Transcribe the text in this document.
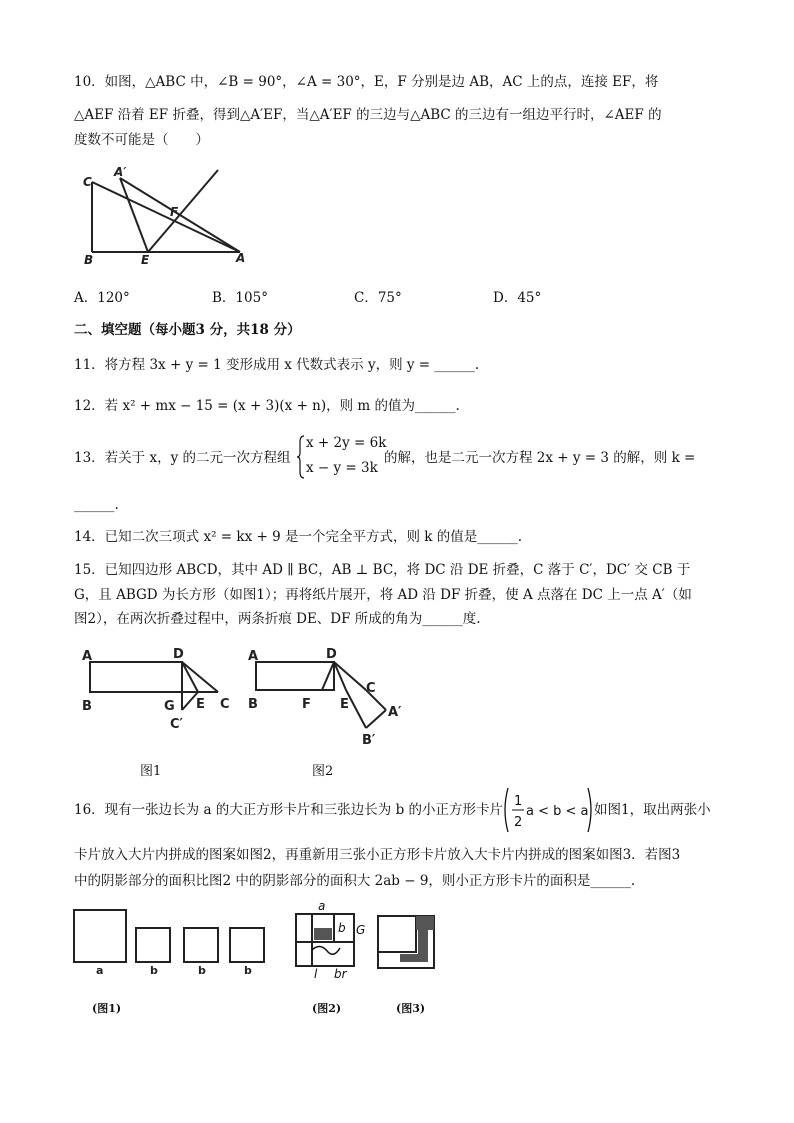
10．如图，△ABC 中，∠B = 90°，∠A = 30°，E，F 分别是边 AB，AC 上的点，连接 EF，将
△AEF 沿着 EF 折叠，得到△A′EF，当△A′EF 的三边与△ABC 的三边有一组边平行时，∠AEF 的
度数不可能是（　　）
C
A′
F
B	E	A
A．120°	B．105°	C．75°	D．45°
二、填空题（每小题3 分，共18 分）
11．将方程 3x + y = 1 变形成用 x 代数式表示 y，则 y = ______.
12．若 x² + mx − 15 = (x + 3)(x + n)，则 m 的值为______.
13．若关于 x，y 的二元一次方程组
x + 2y = 6k
x − y = 3k
的解，也是二元一次方程 2x + y = 3 的解，则 k =
______.
14．已知二次三项式 x² = kx + 9 是一个完全平方式，则 k 的值是______.
15．已知四边形 ABCD，其中 AD ∥ BC，AB ⊥ BC，将 DC 沿 DE 折叠，C 落于 C′，DC′ 交 CB 于
G，且 ABGD 为长方形（如图1）；再将纸片展开，将 AD 沿 DF 折叠，使 A 点落在 DC 上一点 A′（如
图2），在两次折叠过程中，两条折痕 DE、DF 所成的角为______度.
A	D
B	G E C
C′
A	D
C
B	F E
A′
B′
图1	图2
16．现有一张边长为 a 的大正方形卡片和三张边长为 b 的小正方形卡片
1
2
a < b < a 如图1，取出两张小
卡片放入大片内拼成的图案如图2，再重新用三张小正方形卡片放入大卡片内拼成的图案如图3．若图3
中的阴影部分的面积比图2 中的阴影部分的面积大 2ab − 9，则小正方形卡片的面积是______.
a	b	b	b
a
b G
l br
(图1)	(图2)	(图3)
